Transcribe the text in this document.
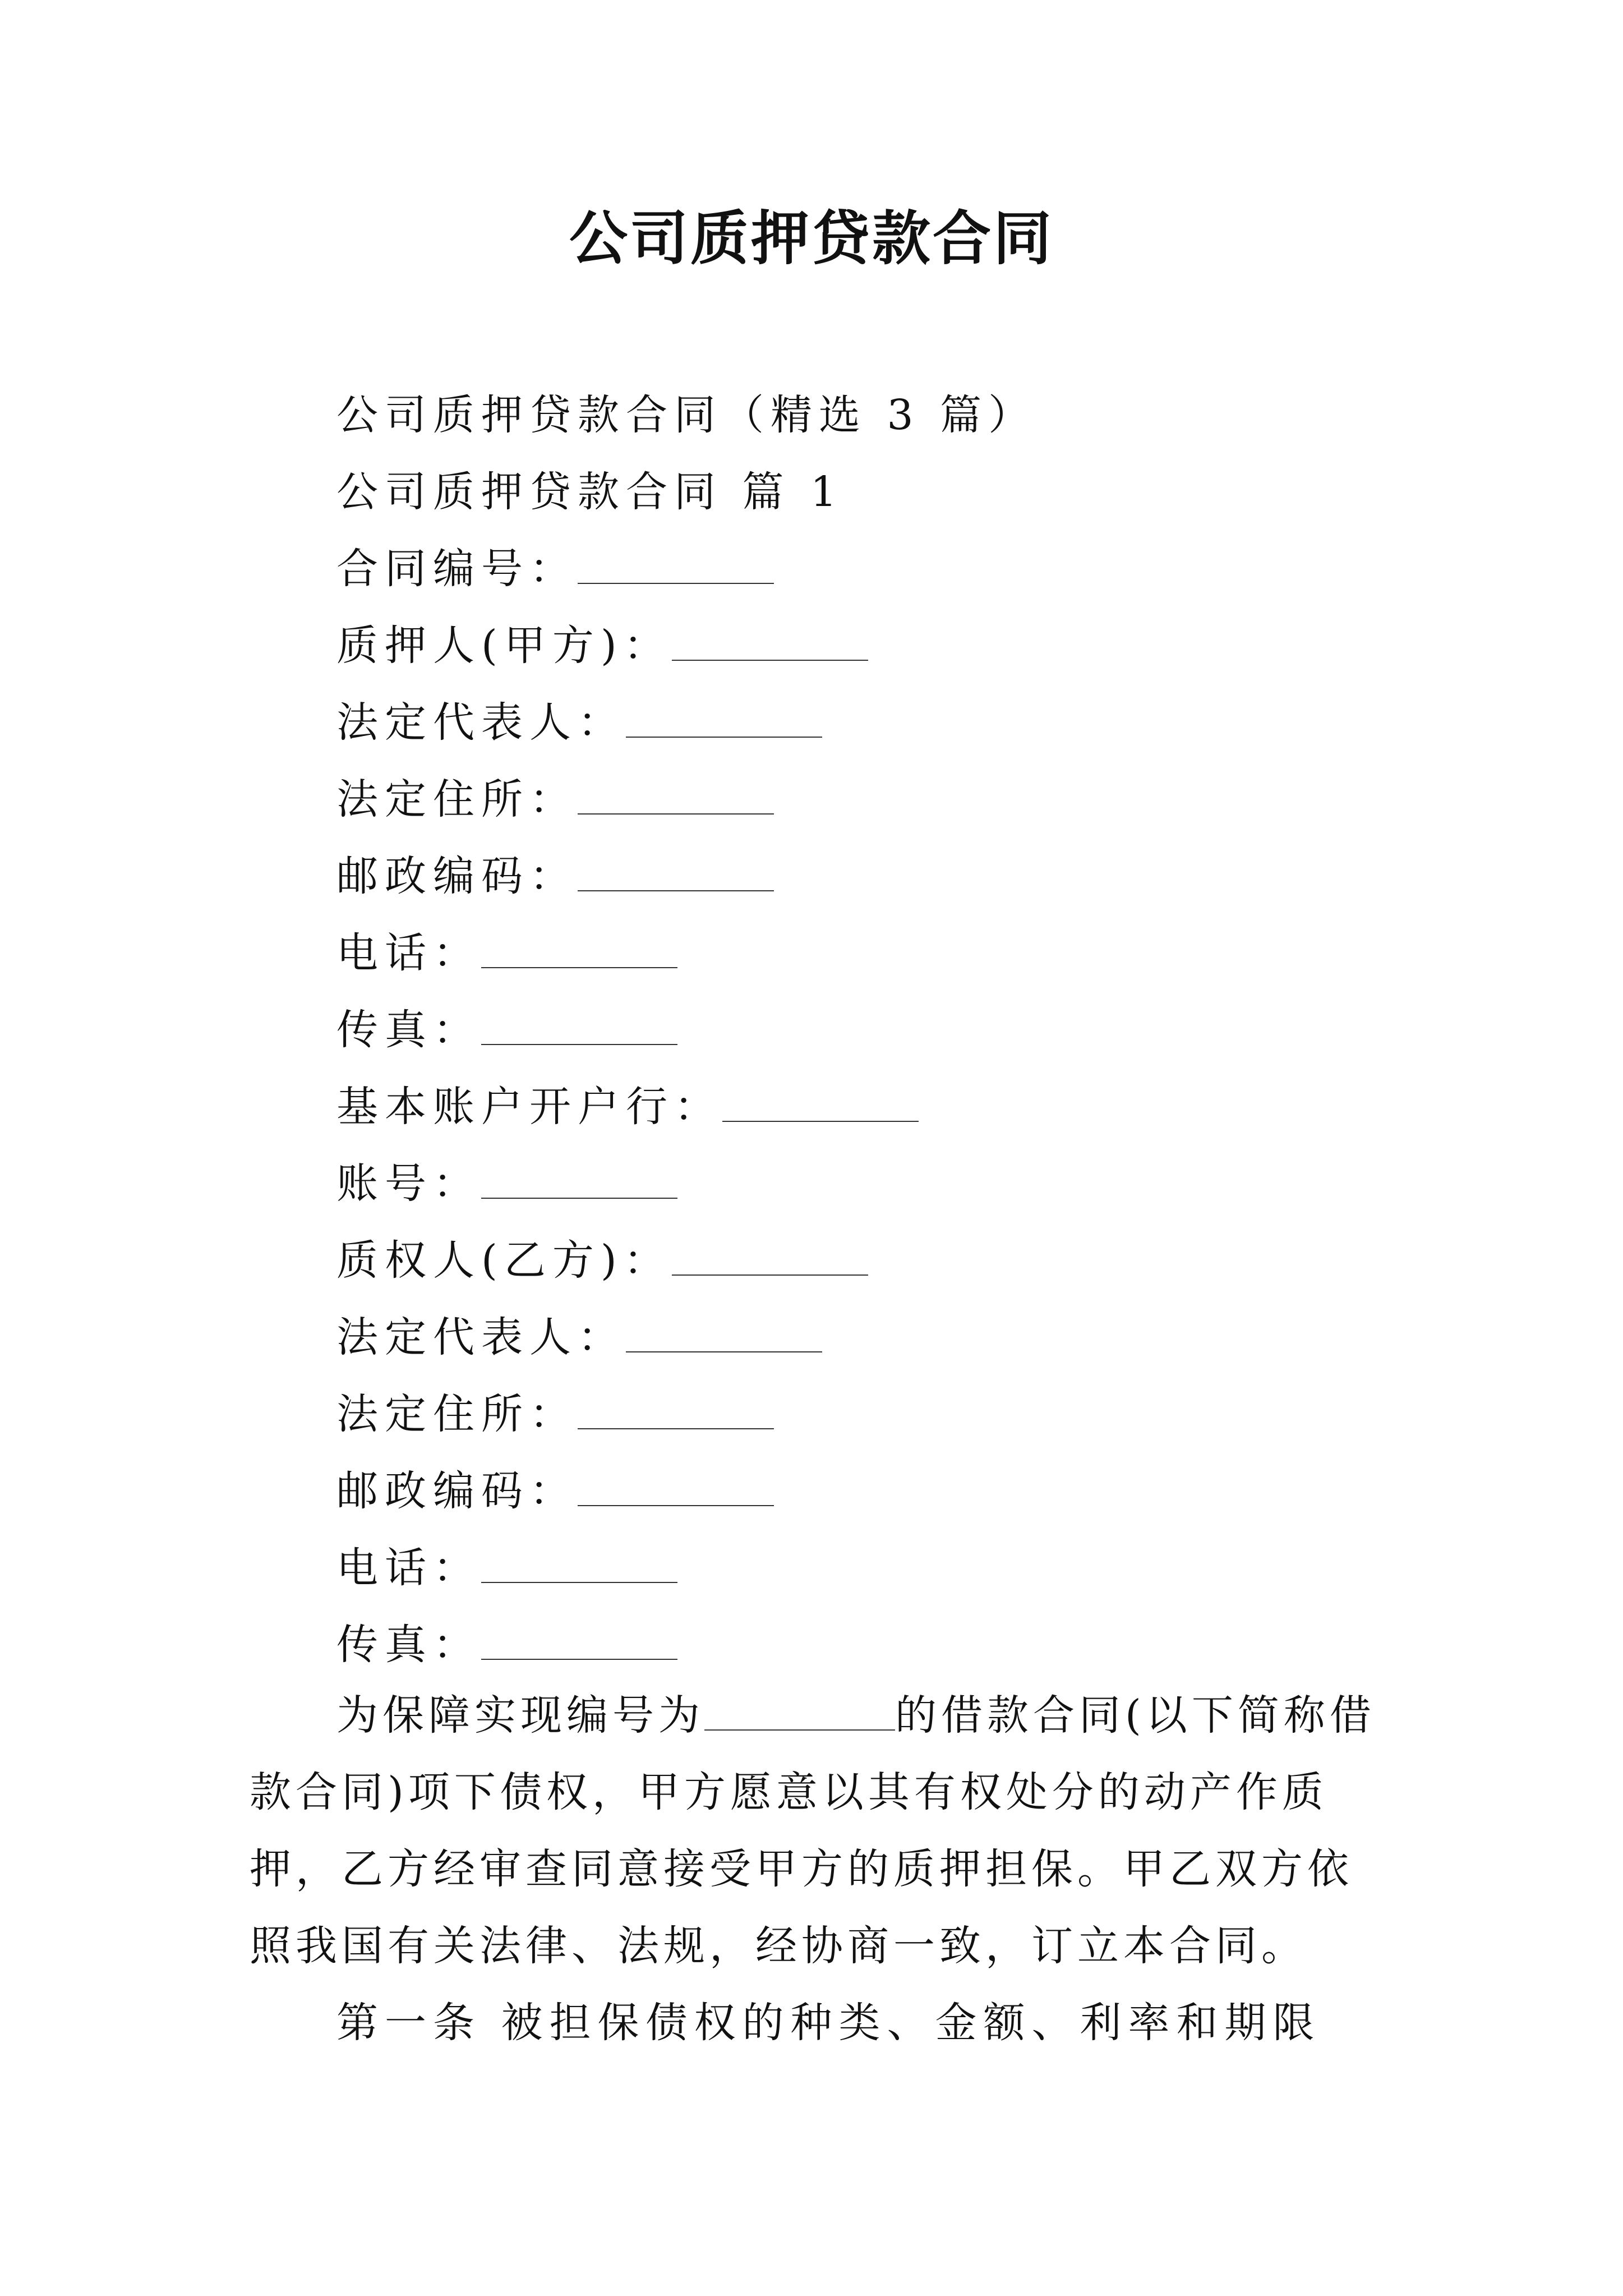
公司质押贷款合同
公司质押贷款合同（精选 3 篇）
公司质押贷款合同 篇 1
合同编号：
质押人(甲方)：
法定代表人：
法定住所：
邮政编码：
电话：
传真：
基本账户开户行：
账号：
质权人(乙方)：
法定代表人：
法定住所：
邮政编码：
电话：
传真：
为保障实现编号为	的借款合同(以下简称借款合同)项下债权，甲方愿意以其有权处分的动产作质押，乙方经审查同意接受甲方的质押担保。甲乙双方依照我国有关法律、法规，经协商一致，订立本合同。
第一条 被担保债权的种类、金额、利率和期限
